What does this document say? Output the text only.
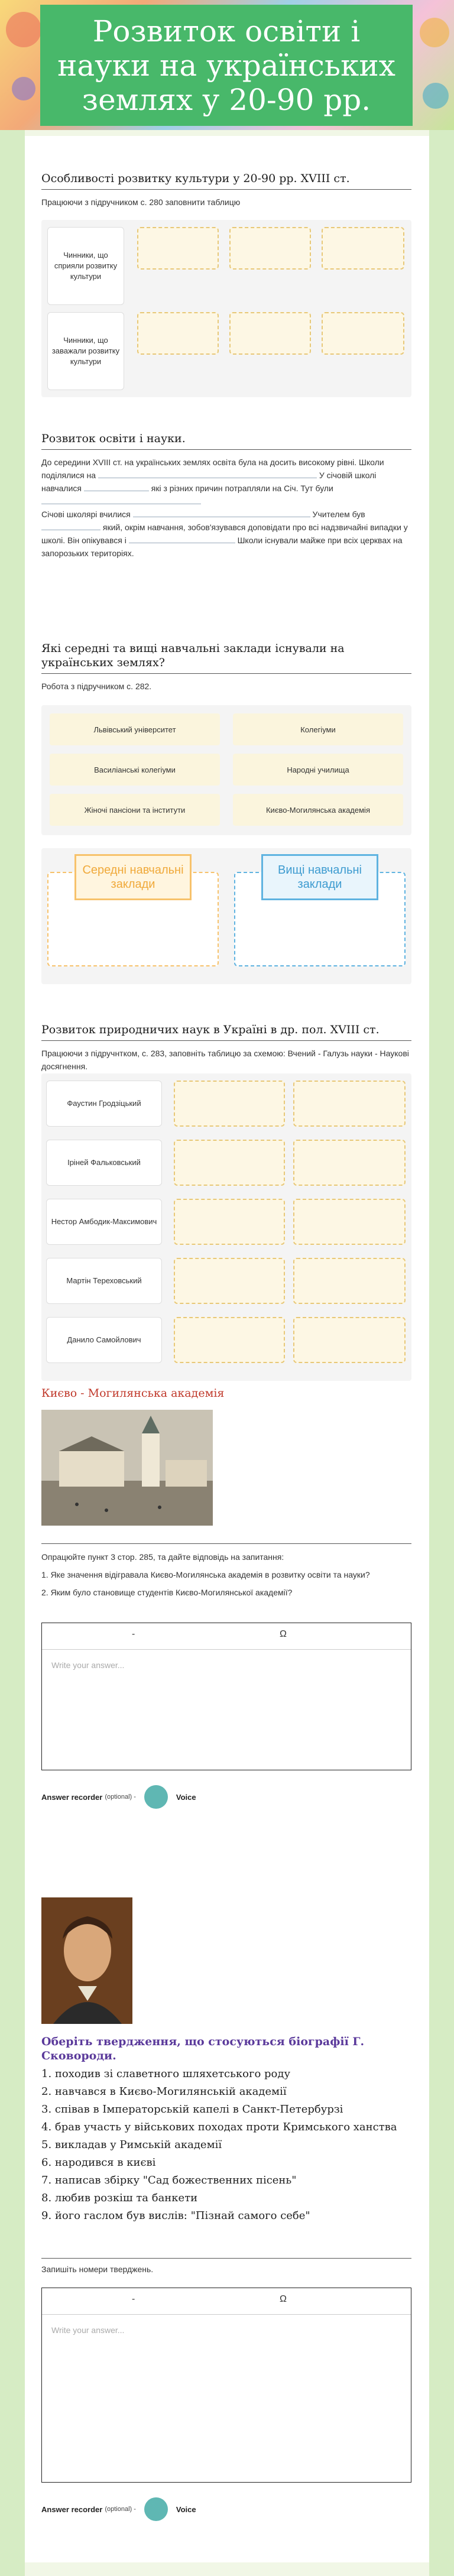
Розвиток освіти і науки на українських землях у 20-90 рр.

Особливості розвитку культури у 20-90 рр. XVIII ст.

Працюючи з підручником с. 280 заповнити таблицю
Чинники, що сприяли розвитку культури
Чинники, що заважали розвитку культури

Розвиток освіти і науки.

До середини XVIII ст. на українських землях освіта була на досить високому рівні. Школи поділялися на	У січовій школі навчалися	які з різних причин потрапляли на Січ. Тут були
Січові школярі вчилися	Учителем був  який, окрім навчання, зобов'язувався доповідати про всі надзвичайні випадки у школі. Він опікувався і	Школи існували майже при всіх церквах на запорозьких територіях.

Які середні та вищі навчальні заклади існували на українських землях?

Робота з підручником с. 282.
Львівський університет	Колегіуми
Василіанські колегіуми	Народні училища
Жіночі пансіони та інститути	Києво-Могилянська академія
Середні навчальні заклади
Вищі навчальні заклади

Розвиток природничих наук в Україні в др. пол. XVIII ст.

Працюючи з підручнтком, с. 283, заповніть таблицю за схемою: Вчений - Галузь науки - Наукові досягнення.
Фаустин Гродзіцький
Іріней Фальковський
Нестор Амбодик-Максимович
Мартін Тереховський
Данило Самойлович

Києво - Могилянська академія

Опрацюйте пункт 3 стор. 285, та дайте відповідь на запитання:
1. Яке значення відігравала Києво-Могилянська академія в розвитку освіти та науки?
2. Яким було становище студентів Києво-Могилянської академії?
-	Ω
Write your answer...
Answer recorder (optional) -	Voice

Оберіть твердження, що стосуються біографії Г. Сковороди.

1. походив зі славетного шляхетського роду
2. навчався в Києво-Могилянській академії
3. співав в Імператорській капелі в Санкт-Петербурзі
4. брав участь у військових походах проти Кримського ханства
5. викладав у Римській академії
6. народився в києві
7. написав збірку "Сад божественних пісень"
8. любив розкіш та банкети
9. його гаслом був вислів: "Пізнай самого себе"
Запишіть номери тверджень.
-	Ω
Write your answer...
Answer recorder (optional) -	Voice
